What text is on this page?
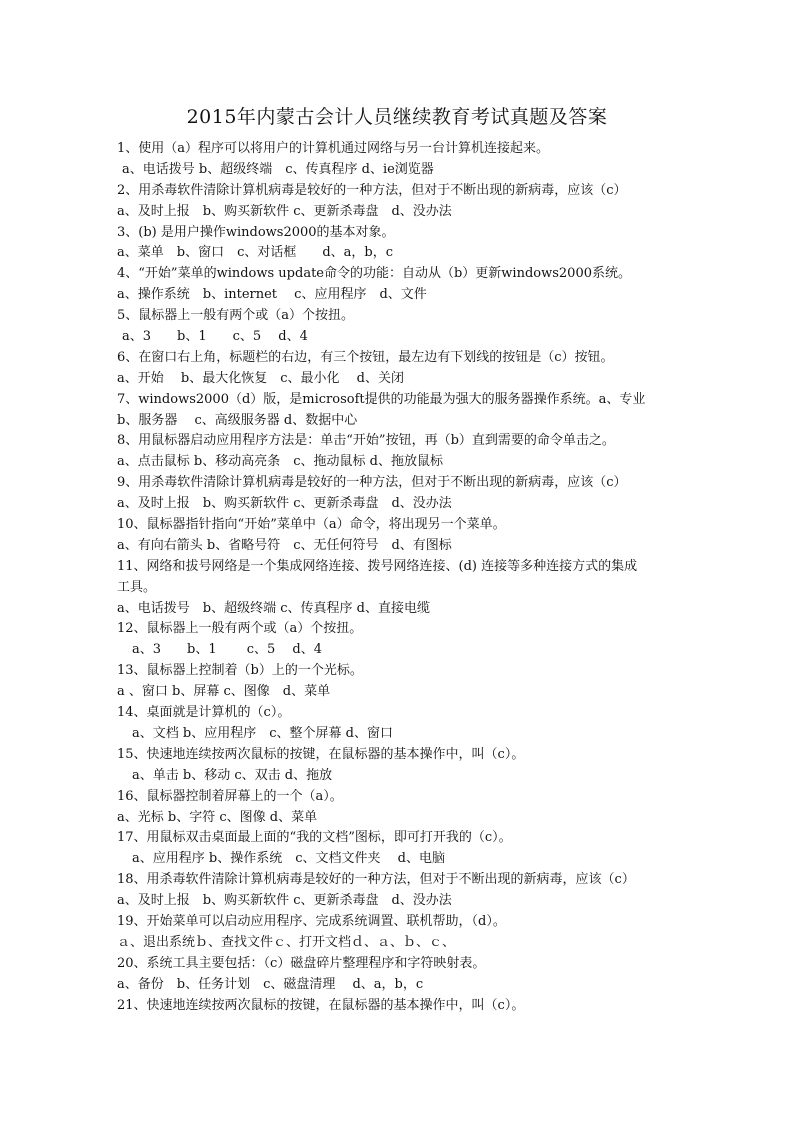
2015年内蒙古会计人员继续教育考试真题及答案
1、使用（a）程序可以将用户的计算机通过网络与另一台计算机连接起来。
a、电话拨号 b、超级终端　c、传真程序 d、ie浏览器
2、用杀毒软件清除计算机病毒是较好的一种方法，但对于不断出现的新病毒，应该（c）
a、及时上报　b、购买新软件 c、更新杀毒盘　d、没办法
3、(b) 是用户操作windows2000的基本对象。
a、菜单　b、窗口　c、对话框　　d、a，b，c
4、“开始”菜单的windows update命令的功能：自动从（b）更新windows2000系统。
a、操作系统　b、internet　 c、应用程序　d、文件
5、鼠标器上一般有两个或（a）个按扭。
a、3　　b、1　　c、5　 d、4
6、在窗口右上角，标题栏的右边，有三个按钮，最左边有下划线的按钮是（c）按钮。
a、开始　 b、最大化恢复　c、最小化　 d、关闭
7、windows2000（d）版，是microsoft提供的功能最为强大的服务器操作系统。a、专业
b、服务器　 c、高级服务器 d、数据中心
8、用鼠标器启动应用程序方法是：单击“开始”按钮，再（b）直到需要的命令单击之。
a、点击鼠标 b、移动高亮条　c、拖动鼠标 d、拖放鼠标
9、用杀毒软件清除计算机病毒是较好的一种方法，但对于不断出现的新病毒，应该（c）
a、及时上报　b、购买新软件 c、更新杀毒盘　d、没办法
10、鼠标器指针指向“开始”菜单中（a）命令，将出现另一个菜单。
a、有向右箭头 b、省略号符　c、无任何符号　d、有图标
11、网络和拔号网络是一个集成网络连接、拨号网络连接、(d) 连接等多种连接方式的集成
工具。
a、电话拨号　b、超级终端 c、传真程序 d、直接电缆
12、鼠标器上一般有两个或（a）个按扭。
a、3　　b、1　　 c、5　 d、4
13、鼠标器上控制着（b）上的一个光标。
a 、窗口 b、屏幕 c、图像　d、菜单
14、桌面就是计算机的（c）。
a、文档 b、应用程序　c、整个屏幕 d、窗口
15、快速地连续按两次鼠标的按键，在鼠标器的基本操作中，叫（c）。
a、单击 b、移动 c、双击 d、拖放
16、鼠标器控制着屏幕上的一个（a）。
a、光标 b、字符 c、图像 d、菜单
17、用鼠标双击桌面最上面的“我的文档”图标，即可打开我的（c）。
a、应用程序 b、操作系统　c、文档文件夹　 d、电脑
18、用杀毒软件清除计算机病毒是较好的一种方法，但对于不断出现的新病毒，应该（c）
a、及时上报　b、购买新软件 c、更新杀毒盘　d、没办法
19、开始菜单可以启动应用程序、完成系统调置、联机帮助，（d）。
ａ、退出系统ｂ、查找文件ｃ、打开文档ｄ、ａ、ｂ、ｃ、
20、系统工具主要包括：（c）磁盘碎片整理程序和字符映射表。
a、备份　b、任务计划　c、磁盘清理　 d、a，b，c
21、快速地连续按两次鼠标的按键，在鼠标器的基本操作中，叫（c）。
